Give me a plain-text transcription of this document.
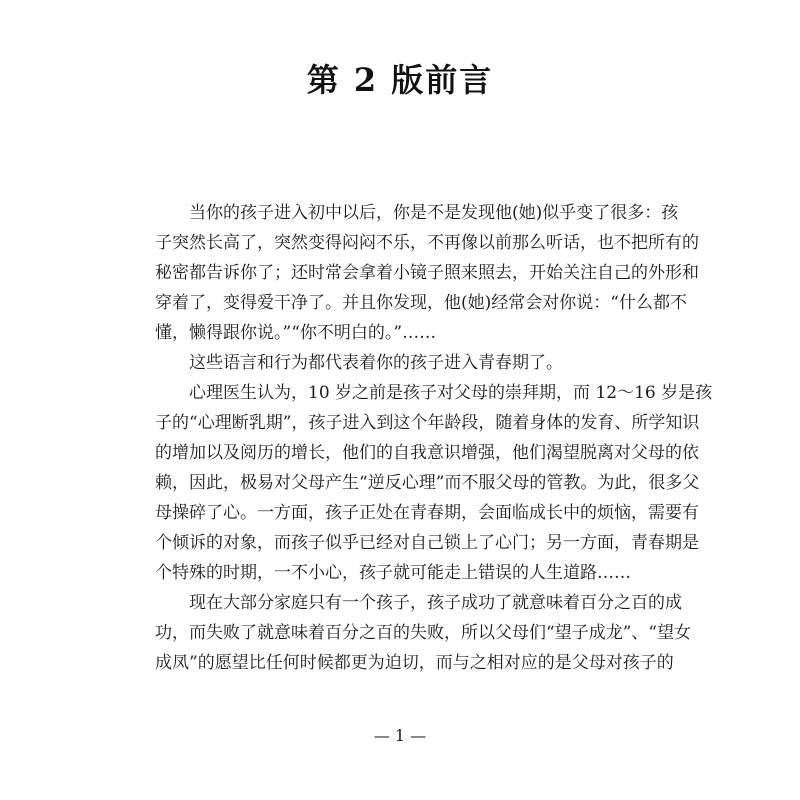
第 2 版前言
当你的孩子进入初中以后，你是不是发现他(她)似乎变了很多：孩
子突然长高了，突然变得闷闷不乐，不再像以前那么听话，也不把所有的
秘密都告诉你了；还时常会拿着小镜子照来照去，开始关注自己的外形和
穿着了，变得爱干净了。并且你发现，他(她)经常会对你说：“什么都不
懂，懒得跟你说。”“你不明白的。”……
这些语言和行为都代表着你的孩子进入青春期了。
心理医生认为，10 岁之前是孩子对父母的崇拜期，而 12～16 岁是孩
子的“心理断乳期”，孩子进入到这个年龄段，随着身体的发育、所学知识
的增加以及阅历的增长，他们的自我意识增强，他们渴望脱离对父母的依
赖，因此，极易对父母产生“逆反心理”而不服父母的管教。为此，很多父
母操碎了心。一方面，孩子正处在青春期，会面临成长中的烦恼，需要有
个倾诉的对象，而孩子似乎已经对自己锁上了心门；另一方面，青春期是
个特殊的时期，一不小心，孩子就可能走上错误的人生道路……
现在大部分家庭只有一个孩子，孩子成功了就意味着百分之百的成
功，而失败了就意味着百分之百的失败，所以父母们“望子成龙”、“望女
成凤”的愿望比任何时候都更为迫切，而与之相对应的是父母对孩子的
— 1 —
